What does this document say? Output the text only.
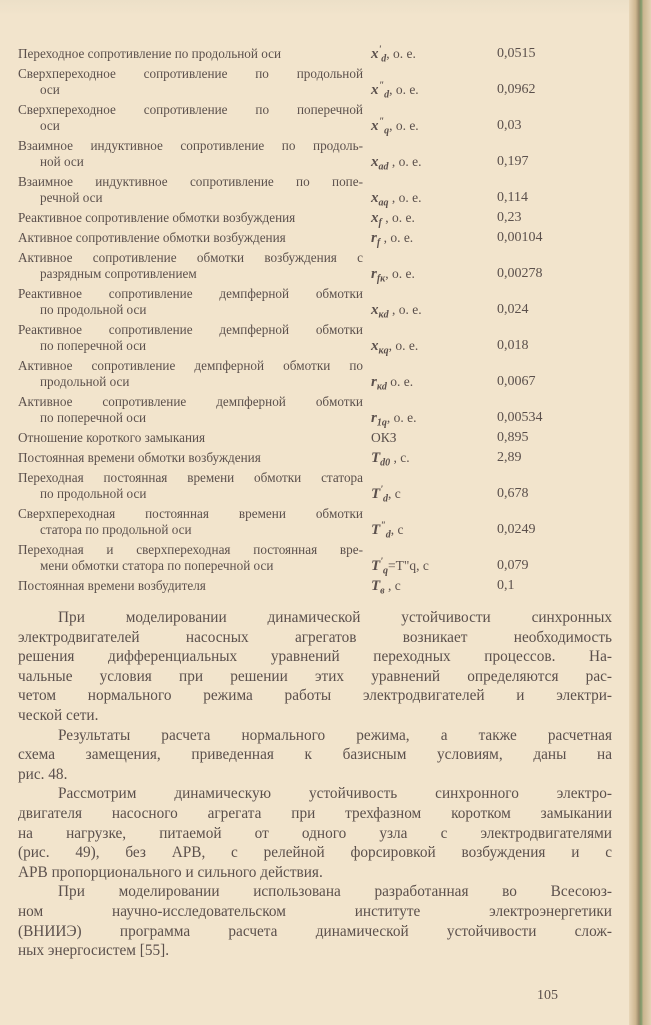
Переходное сопротивление по продольной оси	$x'_d$, о. е.	0,0515
Сверхпереходное сопротивление по продольной
оси	$x^"_d$, о. е.	0,0962
Сверхпереходное сопротивление по поперечной
оси	$x^"_q$, о. е.	0,03
Взаимное индуктивное сопротивление по продоль-
ной оси	$x_{ad}$ , о. е.	0,197
Взаимное индуктивное сопротивление по попе-
речной оси	$x_{aq}$ , о. е.	0,114
Реактивное сопротивление обмотки возбуждения	$x_f$ , о. е.	0,23
Активное сопротивление обмотки возбуждения	$r_f$ , о. е.	0,00104
Активное сопротивление обмотки возбуждения с
разрядным сопротивлением	$r_{fк}$, о. е.	0,00278
Реактивное сопротивление демпферной обмотки
по продольной оси	$x_{кd}$ , о. е.	0,024
Реактивное сопротивление демпферной обмотки
по поперечной оси	$x_{кq}$, о. е.	0,018
Активное сопротивление демпферной обмотки по
продольной оси	$r_{кd}$ о. е.	0,0067
Активное сопротивление демпферной обмотки
по поперечной оси	$r_{1q}$, о. е.	0,00534
Отношение короткого замыкания	ОКЗ	0,895
Постоянная времени обмотки возбуждения	$T_{d0}$ , с.	2,89
Переходная постоянная времени обмотки статора
по продольной оси	$T'_d$, с	0,678
Сверхпереходная постоянная времени обмотки
статора по продольной оси	$T^"_d$, с	0,0249
Переходная и сверхпереходная постоянная вре-
мени обмотки статора по поперечной оси	$T'_q=T"q$, с	0,079
Постоянная времени возбудителя	$T_в$ , с	0,1
При моделировании динамической устойчивости синхронных
электродвигателей насосных агрегатов возникает необходимость
решения дифференциальных уравнений переходных процессов. На-
чальные условия при решении этих уравнений определяются рас-
четом нормального режима работы электродвигателей и электри-
ческой сети.
Результаты расчета нормального режима, а также расчетная
схема замещения, приведенная к базисным условиям, даны на
рис. 48.
Рассмотрим динамическую устойчивость синхронного электро-
двигателя насосного агрегата при трехфазном коротком замыкании
на нагрузке, питаемой от одного узла с электродвигателями
(рис. 49), без АРВ, с релейной форсировкой возбуждения и с
АРВ пропорционального и сильного действия.
При моделировании использована разработанная во Всесоюз-
ном научно-исследовательском институте электроэнергетики
(ВНИИЭ) программа расчета динамической устойчивости слож-
ных энергосистем [55].
105
